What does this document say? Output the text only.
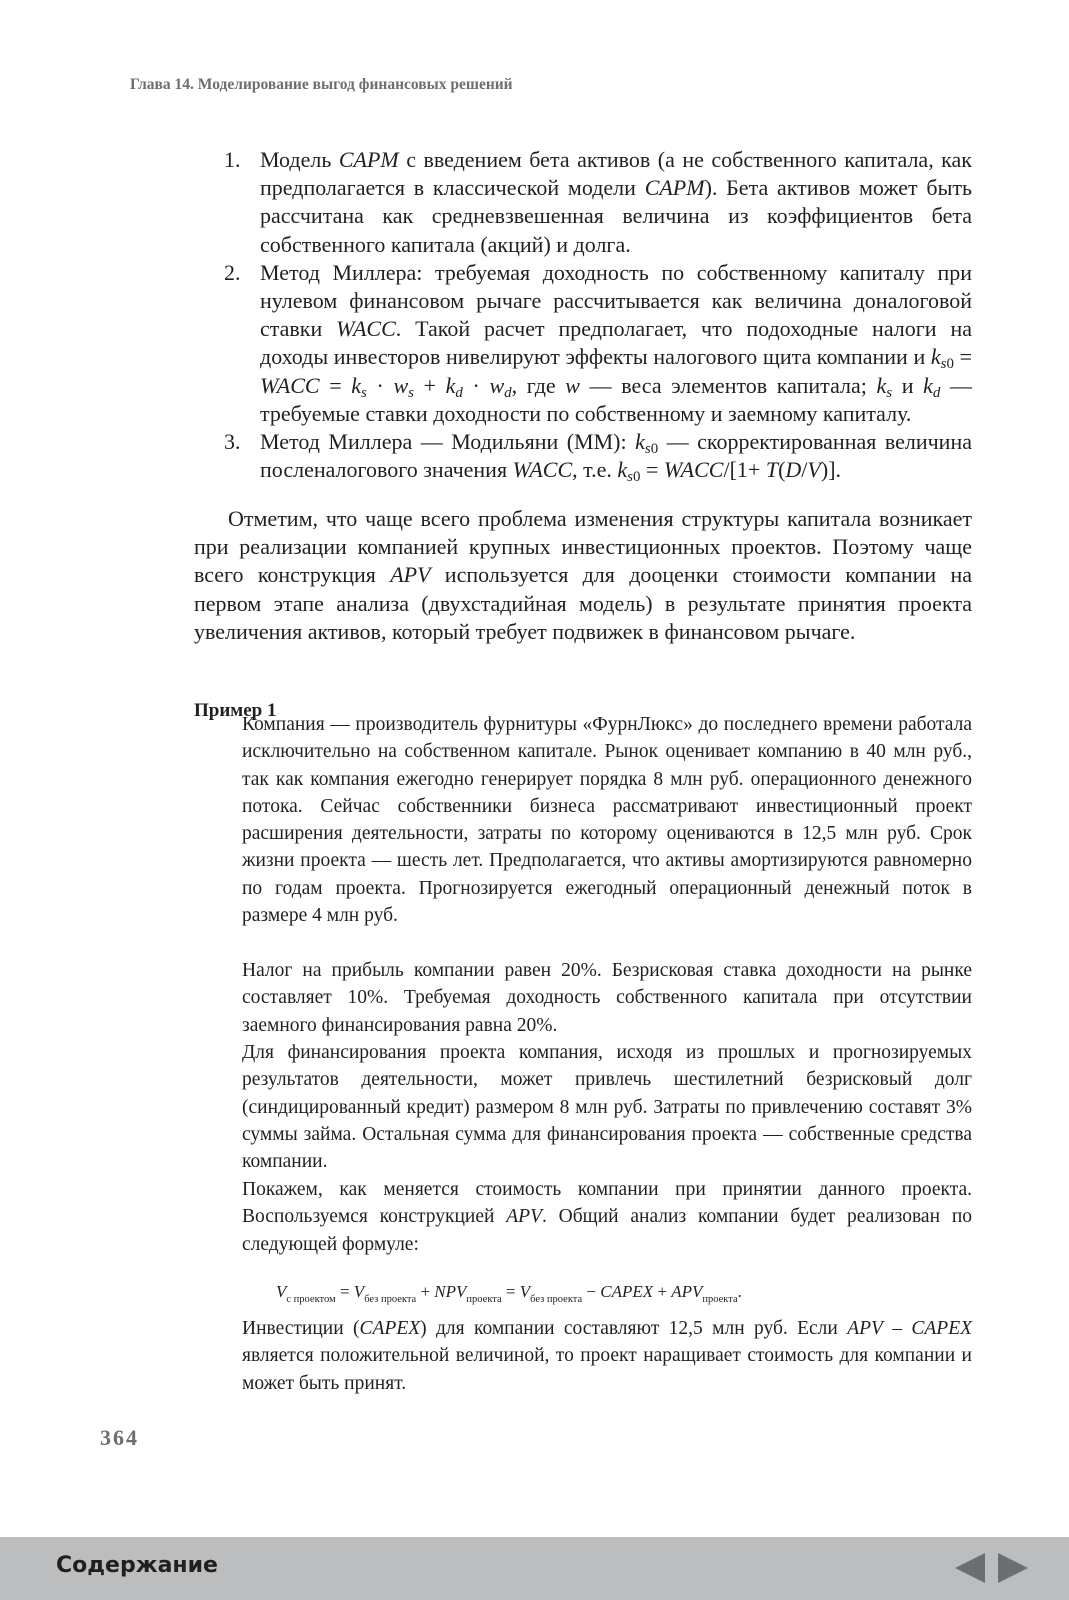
Глава 14. Моделирование выгод финансовых решений
1. Модель CAPM с введением бета активов (а не собственного капитала, как предполагается в классической модели CAPM). Бета активов может быть рассчитана как средневзвешенная величина из коэффициентов бета собственного капитала (акций) и долга.
2. Метод Миллера: требуемая доходность по собственному капиталу при нулевом финансовом рычаге рассчитывается как величина доналоговой ставки WACC. Такой расчет предполагает, что подоходные налоги на доходы инвесторов нивелируют эффекты налогового щита компании и $k_{s0}$ = WACC = $k_s \cdot w_s + k_d \cdot w_d$, где w — веса элементов капитала; $k_s$ и $k_d$ — требуемые ставки доходности по собственному и заемному капиталу.
3. Метод Миллера — Модильяни (ММ): $k_{s0}$ — скорректированная величина посленалогового значения WACC, т.е. $k_{s0}$ = WACC/[1+ T(D/V)].

Отметим, что чаще всего проблема изменения структуры капитала возникает при реализации компанией крупных инвестиционных проектов. Поэтому чаще всего конструкция APV используется для дооценки стоимости компании на первом этапе анализа (двухстадийная модель) в результате принятия проекта увеличения активов, который требует подвижек в финансовом рычаге.

Пример 1

Компания — производитель фурнитуры «ФурнЛюкс» до последнего времени работала исключительно на собственном капитале. Рынок оценивает компанию в 40 млн руб., так как компания ежегодно генерирует порядка 8 млн руб. операционного денежного потока. Сейчас собственники бизнеса рассматривают инвестиционный проект расширения деятельности, затраты по которому оцениваются в 12,5 млн руб. Срок жизни проекта — шесть лет. Предполагается, что активы амортизируются равномерно по годам проекта. Прогнозируется ежегодный операционный денежный поток в размере 4 млн руб.

Налог на прибыль компании равен 20%. Безрисковая ставка доходности на рынке составляет 10%. Требуемая доходность собственного капитала при отсутствии заемного финансирования равна 20%.

Для финансирования проекта компания, исходя из прошлых и прогнозируемых результатов деятельности, может привлечь шестилетний безрисковый долг (синдицированный кредит) размером 8 млн руб. Затраты по привлечению составят 3% суммы займа. Остальная сумма для финансирования проекта — собственные средства компании.

Покажем, как меняется стоимость компании при принятии данного проекта. Воспользуемся конструкцией APV. Общий анализ компании будет реализован по следующей формуле:

$V_{с проектом} = V_{без проекта} + NPV_{проекта} = V_{без проекта}$ − CAPEX + $APV_{проекта}$.

Инвестиции (CAPEX) для компании составляют 12,5 млн руб. Если APV – CAPEX является положительной величиной, то проект наращивает стоимость для компании и может быть принят.

364
Содержание
